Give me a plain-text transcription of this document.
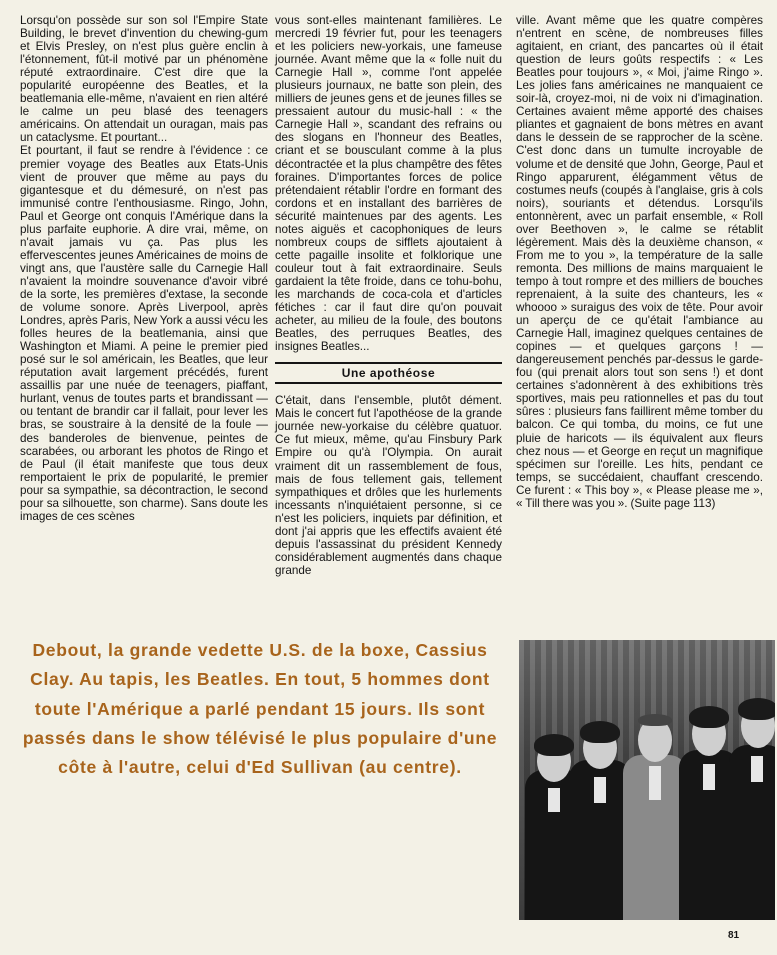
Lorsqu'on possède sur son sol l'Empire State Building, le brevet d'invention du chewing-gum et Elvis Presley, on n'est plus guère enclin à l'étonnement, fût-il motivé par un phénomène réputé extraordinaire. C'est dire que la popularité européenne des Beatles, et la beatlemania elle-même, n'avaient en rien altéré le calme un peu blasé des teenagers américains. On attendait un ouragan, mais pas un cataclysme. Et pourtant...

Et pourtant, il faut se rendre à l'évidence : ce premier voyage des Beatles aux Etats-Unis vient de prouver que même au pays du gigantesque et du démesuré, on n'est pas immunisé contre l'enthousiasme. Ringo, John, Paul et George ont conquis l'Amérique dans la plus parfaite euphorie. A dire vrai, même, on n'avait jamais vu ça. Pas plus les effervescentes jeunes Américaines de moins de vingt ans, que l'austère salle du Carnegie Hall n'avaient la moindre souvenance d'avoir vibré de la sorte, les premières d'extase, la seconde de volume sonore. Après Liverpool, après Londres, après Paris, New York a aussi vécu les folles heures de la beatlemania, ainsi que Washington et Miami. A peine le premier pied posé sur le sol américain, les Beatles, que leur réputation avait largement précédés, furent assaillis par une nuée de teenagers, piaffant, hurlant, venus de toutes parts et brandissant — ou tentant de brandir car il fallait, pour lever les bras, se soustraire à la densité de la foule — des banderoles de bienvenue, peintes de scarabées, ou arborant les photos de Ringo et de Paul (il était manifeste que tous deux remportaient le prix de popularité, le premier pour sa sympathie, sa décontraction, le second pour sa silhouette, son charme). Sans doute les images de ces scènes

vous sont-elles maintenant familières. Le mercredi 19 février fut, pour les teenagers et les policiers new-yorkais, une fameuse journée. Avant même que la « folle nuit du Carnegie Hall », comme l'ont appelée plusieurs journaux, ne batte son plein, des milliers de jeunes gens et de jeunes filles se pressaient autour du music-hall : « the Carnegie Hall », scandant des refrains ou des slogans en l'honneur des Beatles, criant et se bousculant comme à la plus décontractée et la plus champêtre des fêtes foraines. D'importantes forces de police prétendaient rétablir l'ordre en formant des cordons et en installant des barrières de sécurité maintenues par des agents. Les notes aiguës et cacophoniques de leurs nombreux coups de sifflets ajoutaient à cette pagaille insolite et folklorique une couleur tout à fait extraordinaire. Seuls gardaient la tête froide, dans ce tohu-bohu, les marchands de coca-cola et d'articles fétiches : car il faut dire qu'on pouvait acheter, au milieu de la foule, des boutons Beatles, des perruques Beatles, des insignes Beatles...

Une apothéose

C'était, dans l'ensemble, plutôt dément. Mais le concert fut l'apothéose de la grande journée new-yorkaise du célèbre quatuor. Ce fut mieux, même, qu'au Finsbury Park Empire ou qu'à l'Olympia. On aurait vraiment dit un rassemblement de fous, mais de fous tellement gais, tellement sympathiques et drôles que les hurlements incessants n'inquiétaient personne, si ce n'est les policiers, inquiets par définition, et dont j'ai appris que les effectifs avaient été depuis l'assassinat du président Kennedy considérablement augmentés dans chaque grande

ville. Avant même que les quatre compères n'entrent en scène, de nombreuses filles agitaient, en criant, des pancartes où il était question de leurs goûts respectifs : « Les Beatles pour toujours », « Moi, j'aime Ringo ». Les jolies fans américaines ne manquaient ce soir-là, croyez-moi, ni de voix ni d'imagination. Certaines avaient même apporté des chaises pliantes et gagnaient de bons mètres en avant dans le dessein de se rapprocher de la scène. C'est donc dans un tumulte incroyable de volume et de densité que John, George, Paul et Ringo apparurent, élégamment vêtus de costumes neufs (coupés à l'anglaise, gris à cols noirs), souriants et détendus. Lorsqu'ils entonnèrent, avec un parfait ensemble, « Roll over Beethoven », le calme se rétablit légèrement. Mais dès la deuxième chanson, « From me to you », la température de la salle remonta. Des millions de mains marquaient le tempo à tout rompre et des milliers de bouches reprenaient, à la suite des chanteurs, les « whoooo » suraigus des voix de tête. Pour avoir un aperçu de ce qu'était l'ambiance au Carnegie Hall, imaginez quelques centaines de copines — et quelques garçons ! — dangereusement penchés par-dessus le garde-fou (qui prenait alors tout son sens !) et dont certaines s'adonnèrent à des exhibitions très sportives, mais peu rationnelles et pas du tout sûres : plusieurs fans faillirent même tomber du balcon. Ce qui tomba, du moins, ce fut une pluie de haricots — ils équivalent aux fleurs chez nous — et George en reçut un magnifique spécimen sur l'oreille. Les hits, pendant ce temps, se succédaient, chauffant crescendo. Ce furent : « This boy », « Please please me », « Till there was you ». (Suite page 113)

Debout, la grande vedette U.S. de la boxe, Cassius Clay. Au tapis, les Beatles. En tout, 5 hommes dont toute l'Amérique a parlé pendant 15 jours. Ils sont passés dans le show télévisé le plus populaire d'une côte à l'autre, celui d'Ed Sullivan (au centre).
81
